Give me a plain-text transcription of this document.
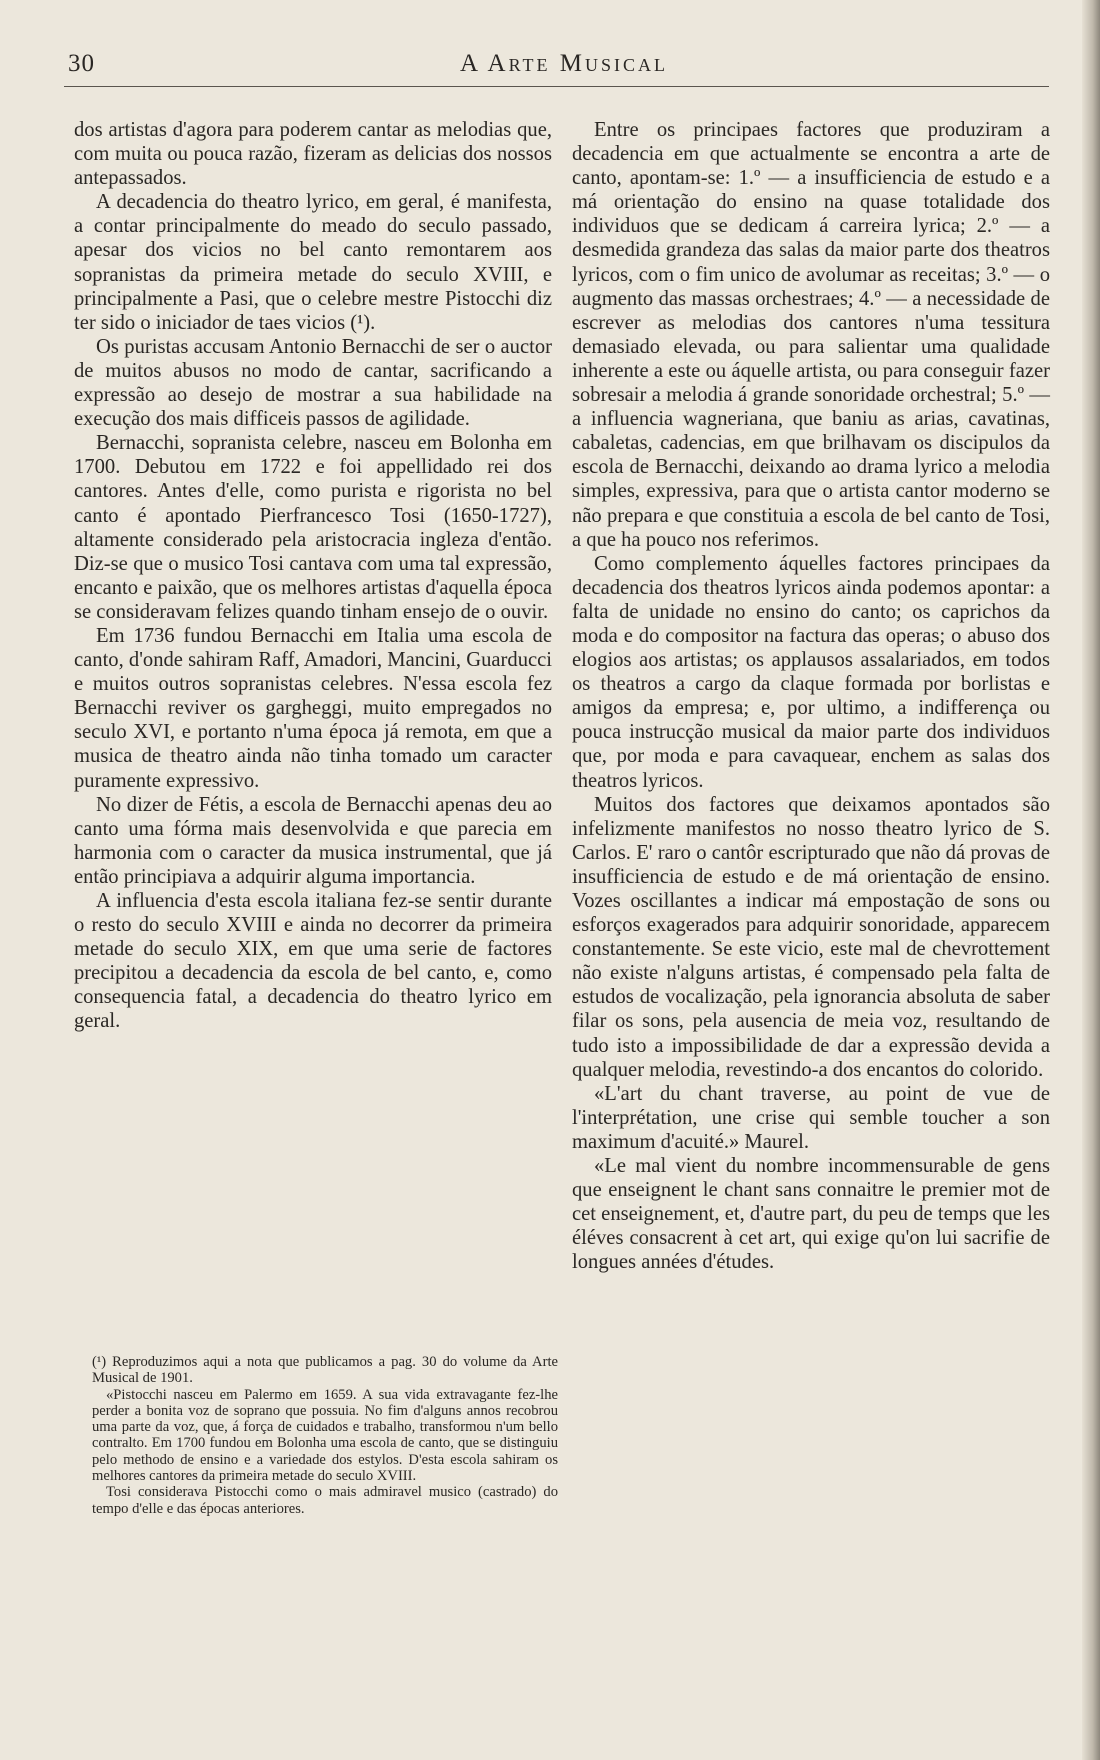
30	A Arte Musical

dos artistas d'agora para poderem cantar as melodias que, com muita ou pouca razão, fizeram as delicias dos nossos antepassados.

A decadencia do theatro lyrico, em geral, é manifesta, a contar principalmente do meado do seculo passado, apesar dos vicios no bel canto remontarem aos sopranistas da primeira metade do seculo XVIII, e principalmente a Pasi, que o celebre mestre Pistocchi diz ter sido o iniciador de taes vicios (¹).

Os puristas accusam Antonio Bernacchi de ser o auctor de muitos abusos no modo de cantar, sacrificando a expressão ao desejo de mostrar a sua habilidade na execução dos mais difficeis passos de agilidade.

Bernacchi, sopranista celebre, nasceu em Bolonha em 1700. Debutou em 1722 e foi appellidado rei dos cantores. Antes d'elle, como purista e rigorista no bel canto é apontado Pierfrancesco Tosi (1650-1727), altamente considerado pela aristocracia ingleza d'então. Diz-se que o musico Tosi cantava com uma tal expressão, encanto e paixão, que os melhores artistas d'aquella época se consideravam felizes quando tinham ensejo de o ouvir.

Em 1736 fundou Bernacchi em Italia uma escola de canto, d'onde sahiram Raff, Amadori, Mancini, Guarducci e muitos outros sopranistas celebres. N'essa escola fez Bernacchi reviver os gargheggi, muito empregados no seculo XVI, e portanto n'uma época já remota, em que a musica de theatro ainda não tinha tomado um caracter puramente expressivo.

No dizer de Fétis, a escola de Bernacchi apenas deu ao canto uma fórma mais desenvolvida e que parecia em harmonia com o caracter da musica instrumental, que já então principiava a adquirir alguma importancia.

A influencia d'esta escola italiana fez-se sentir durante o resto do seculo XVIII e ainda no decorrer da primeira metade do seculo XIX, em que uma serie de factores precipitou a decadencia da escola de bel canto, e, como consequencia fatal, a decadencia do theatro lyrico em geral.

Entre os principaes factores que produziram a decadencia em que actualmente se encontra a arte de canto, apontam-se: 1.º — a insufficiencia de estudo e a má orientação do ensino na quase totalidade dos individuos que se dedicam á carreira lyrica; 2.º — a desmedida grandeza das salas da maior parte dos theatros lyricos, com o fim unico de avolumar as receitas; 3.º — o augmento das massas orchestraes; 4.º — a necessidade de escrever as melodias dos cantores n'uma tessitura demasiado elevada, ou para salientar uma qualidade inherente a este ou áquelle artista, ou para conseguir fazer sobresair a melodia á grande sonoridade orchestral; 5.º — a influencia wagneriana, que baniu as arias, cavatinas, cabaletas, cadencias, em que brilhavam os discipulos da escola de Bernacchi, deixando ao drama lyrico a melodia simples, expressiva, para que o artista cantor moderno se não prepara e que constituia a escola de bel canto de Tosi, a que ha pouco nos referimos.

Como complemento áquelles factores principaes da decadencia dos theatros lyricos ainda podemos apontar: a falta de unidade no ensino do canto; os caprichos da moda e do compositor na factura das operas; o abuso dos elogios aos artistas; os applausos assalariados, em todos os theatros a cargo da claque formada por borlistas e amigos da empresa; e, por ultimo, a indifferença ou pouca instrucção musical da maior parte dos individuos que, por moda e para cavaquear, enchem as salas dos theatros lyricos.

Muitos dos factores que deixamos apontados são infelizmente manifestos no nosso theatro lyrico de S. Carlos. E' raro o cantôr escripturado que não dá provas de insufficiencia de estudo e de má orientação de ensino. Vozes oscillantes a indicar má empostação de sons ou esforços exagerados para adquirir sonoridade, apparecem constantemente. Se este vicio, este mal de chevrottement não existe n'alguns artistas, é compensado pela falta de estudos de vocalização, pela ignorancia absoluta de saber filar os sons, pela ausencia de meia voz, resultando de tudo isto a impossibilidade de dar a expressão devida a qualquer melodia, revestindo-a dos encantos do colorido.

«L'art du chant traverse, au point de vue de l'interprétation, une crise qui semble toucher a son maximum d'acuité.» Maurel.

«Le mal vient du nombre incommensurable de gens que enseignent le chant sans connaitre le premier mot de cet enseignement, et, d'autre part, du peu de temps que les éléves consacrent à cet art, qui exige qu'on lui sacrifie de longues années d'études.

(¹) Reproduzimos aqui a nota que publicamos a pag. 30 do volume da Arte Musical de 1901.

«Pistocchi nasceu em Palermo em 1659. A sua vida extravagante fez-lhe perder a bonita voz de soprano que possuia. No fim d'alguns annos recobrou uma parte da voz, que, á força de cuidados e trabalho, transformou n'um bello contralto. Em 1700 fundou em Bolonha uma escola de canto, que se distinguiu pelo methodo de ensino e a variedade dos estylos. D'esta escola sahiram os melhores cantores da primeira metade do seculo XVIII.

Tosi considerava Pistocchi como o mais admiravel musico (castrado) do tempo d'elle e das épocas anteriores.
